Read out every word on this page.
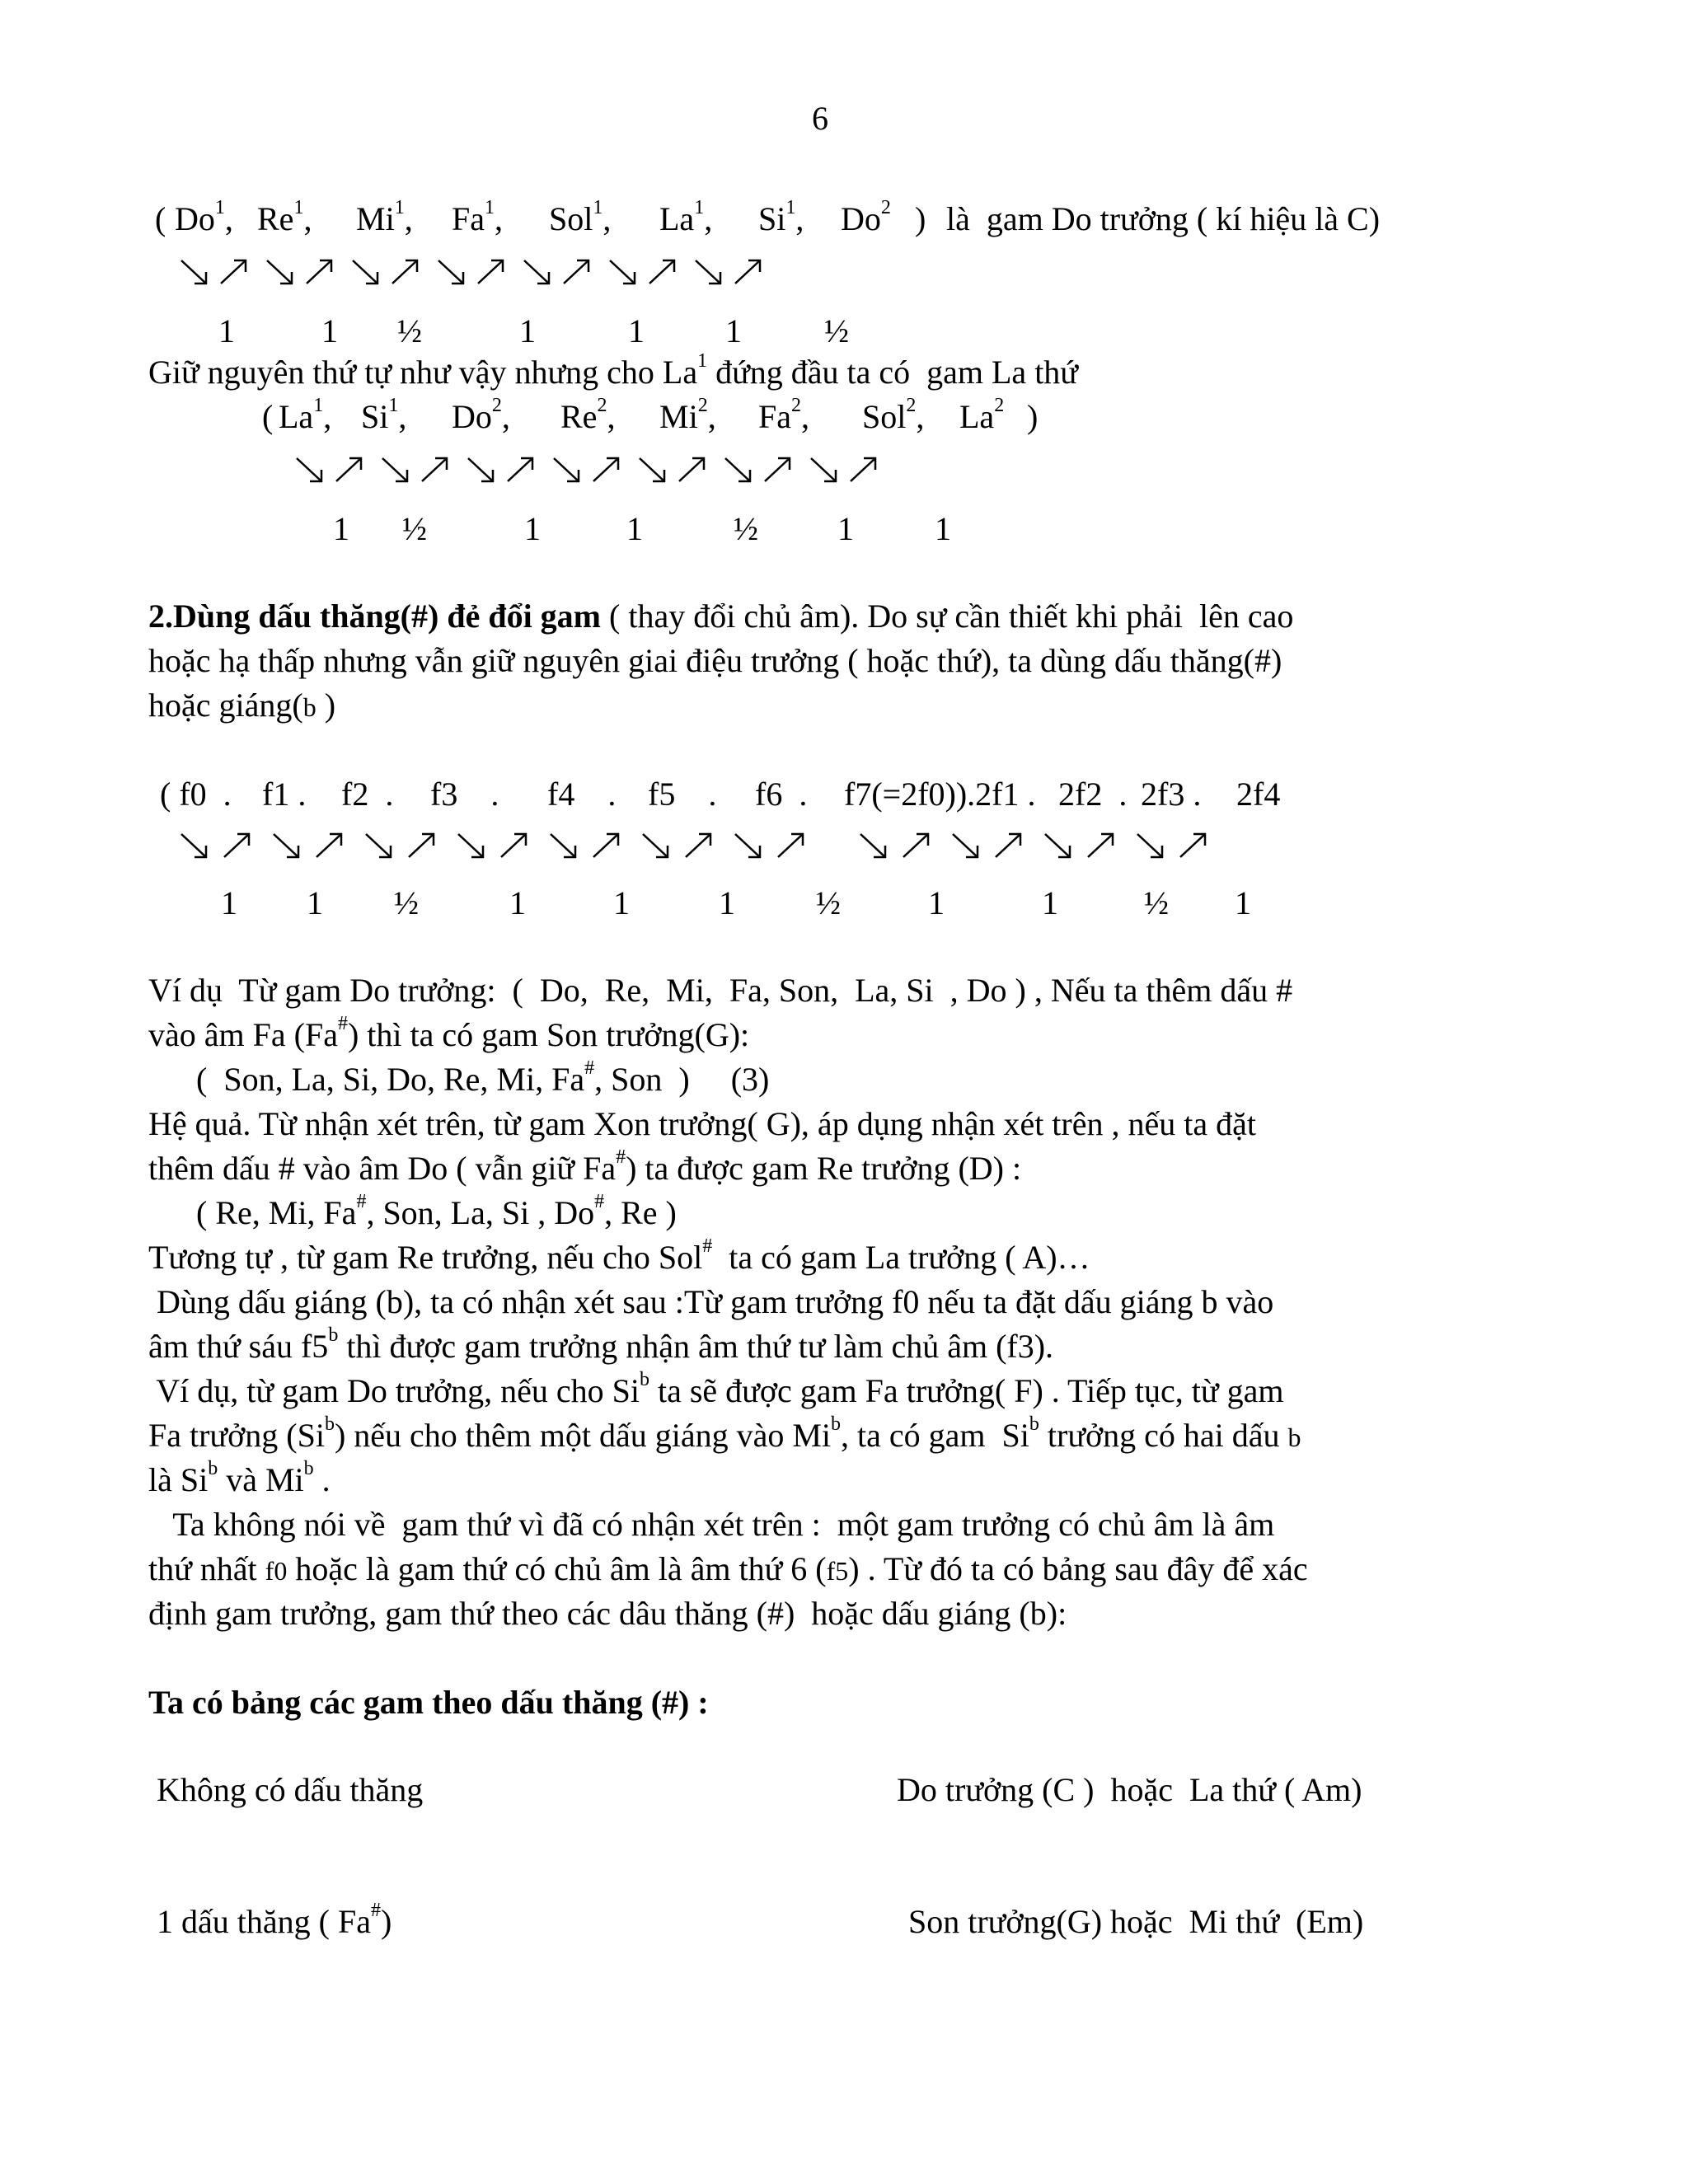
6
( Do$^1$, Re$^1$, Mi$^1$, Fa$^1$, Sol$^1$, La$^1$, Si$^1$, Do$^2$ ) là  gam Do trưởng ( kí hiệu là C)
1	1 ½	1	1 1	½
Giữ nguyên thứ tự như vậy nhưng cho La$^1$ đứng đầu ta có  gam La thứ
( La$^1$, Si$^1$, Do$^2$, Re$^2$, Mi$^2$, Fa$^2$, Sol$^2$, La$^2$ )
1 ½	1	1	½ 1 1
2.Dùng dấu thăng(#) đẻ đổi gam ( thay đổi chủ âm). Do sự cần thiết khi phải  lên cao
hoặc hạ thấp nhưng vẫn giữ nguyên giai điệu trưởng ( hoặc thứ), ta dùng dấu thăng(#)
hoặc giáng(b )
( f0  . f1 . f2  . f3    . f4    . f5    . f6  . f7(=2f0)).2f1 . 2f2  . 2f3 . 2f4
1 1 ½	1	1	1 ½	1	1	½ 1
Ví dụ  Từ gam Do trưởng:  (  Do,  Re,  Mi,  Fa, Son,  La, Si  , Do ) , Nếu ta thêm dấu #
vào âm Fa (Fa#) thì ta có gam Son trưởng(G):
(  Son, La, Si, Do, Re, Mi, Fa#, Son  )     (3)
Hệ quả. Từ nhận xét trên, từ gam Xon trưởng( G), áp dụng nhận xét trên , nếu ta đặt
thêm dấu # vào âm Do ( vẫn giữ Fa#) ta được gam Re trưởng (D) :
( Re, Mi, Fa#, Son, La, Si , Do#, Re )
Tương tự , từ gam Re trưởng, nếu cho Sol#  ta có gam La trưởng ( A)…
Dùng dấu giáng (b), ta có nhận xét sau :Từ gam trưởng f0 nếu ta đặt dấu giáng b vào
âm thứ sáu f5$^b$ thì được gam trưởng nhận âm thứ tư làm chủ âm (f3).
Ví dụ, từ gam Do trưởng, nếu cho Si$^b$ ta sẽ được gam Fa trưởng( F) . Tiếp tục, từ gam
Fa trưởng (Si$^b$) nếu cho thêm một dấu giáng vào Mi$^b$, ta có gam  Si$^b$ trưởng có hai dấu b
là Si$^b$ và Mi$^b$ .
Ta không nói về  gam thứ vì đã có nhận xét trên :  một gam trưởng có chủ âm là âm
thứ nhất f0 hoặc là gam thứ có chủ âm là âm thứ 6 (f5) . Từ đó ta có bảng sau đây để xác
định gam trưởng, gam thứ theo các dâu thăng (#)  hoặc dấu giáng (b):
Ta có bảng các gam theo dấu thăng (#) :
Không có dấu thăng	Do trưởng (C )  hoặc  La thứ ( Am)
1 dấu thăng ( Fa#)	Son trưởng(G) hoặc  Mi thứ  (Em)
